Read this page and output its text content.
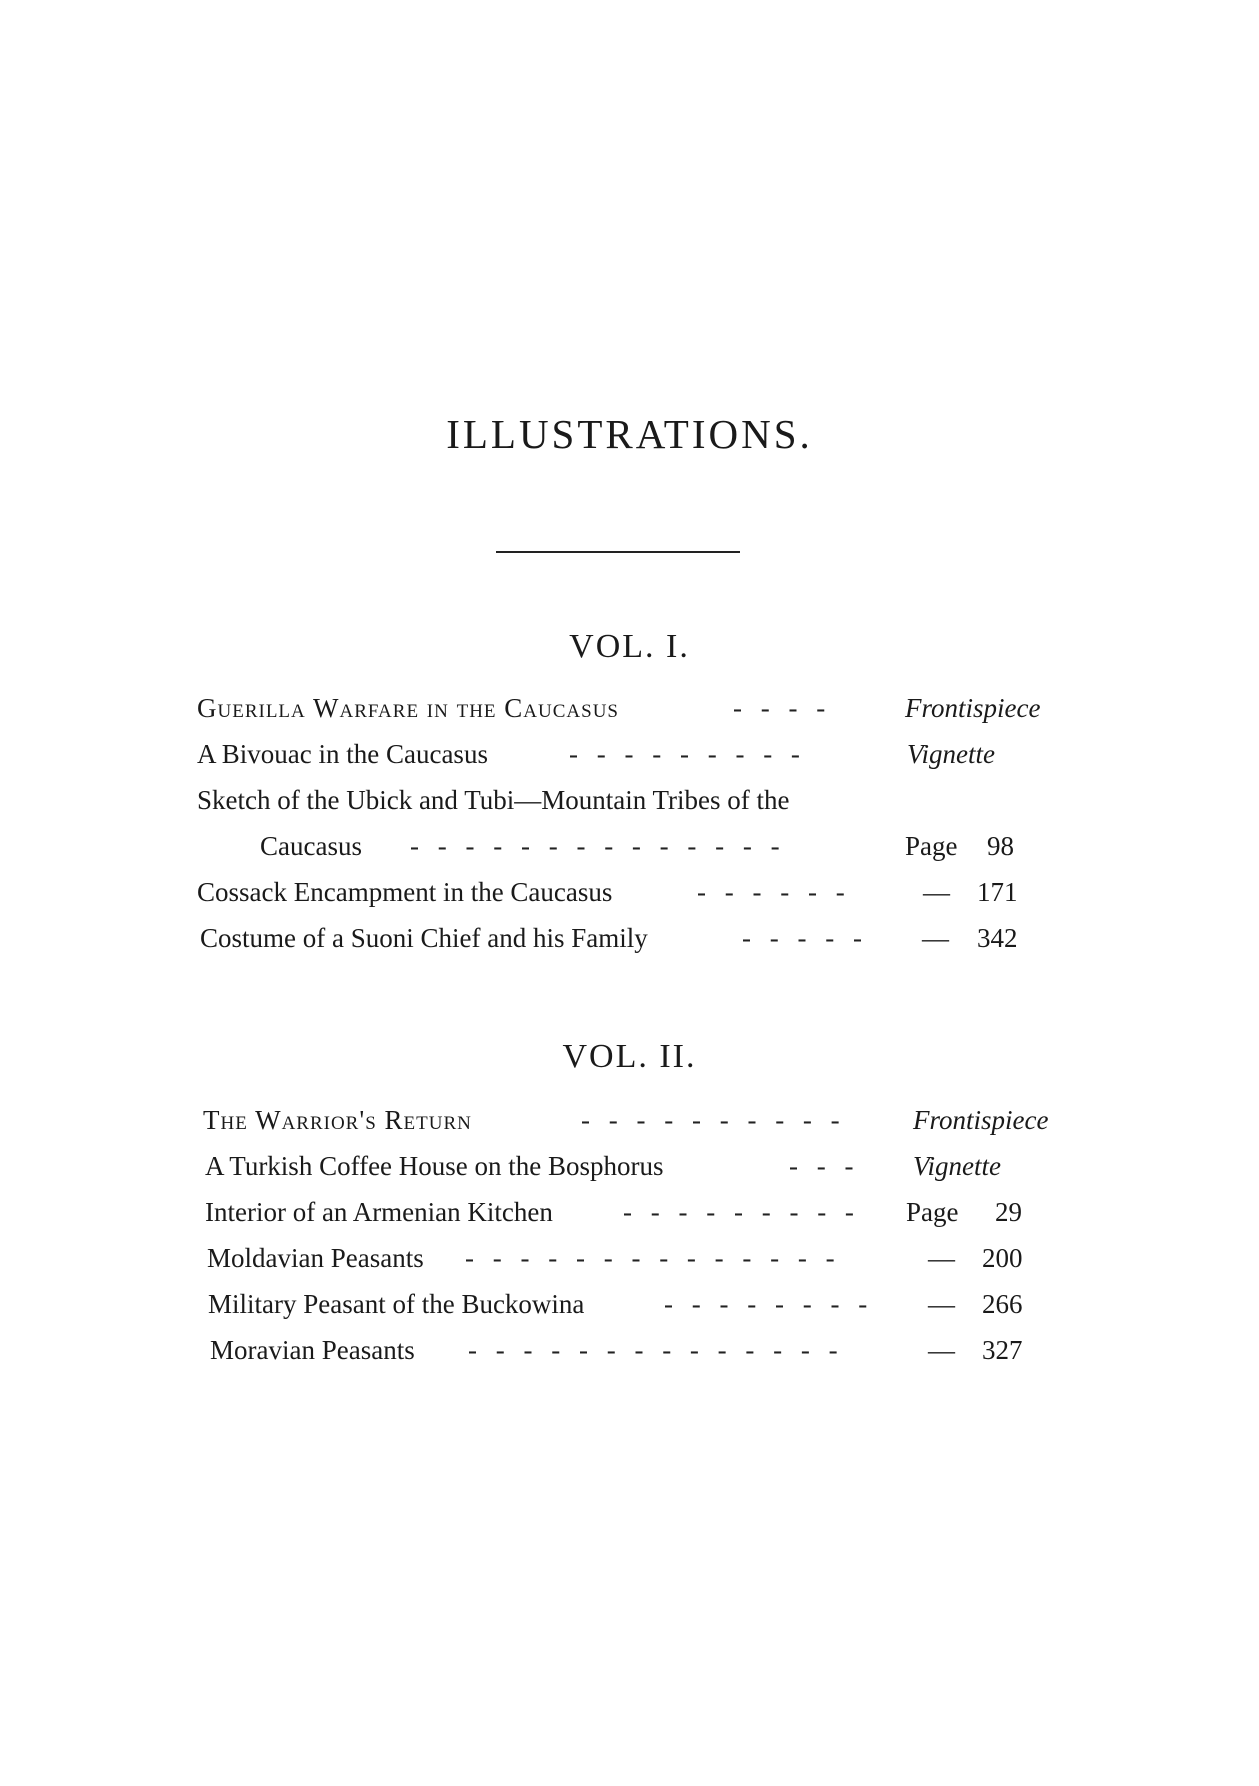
ILLUSTRATIONS.
VOL. I.
Guerilla Warfare in the Caucasus	- - - -	Frontispiece
A Bivouac in the Caucasus	- - - - - - - - -	Vignette
Sketch of the Ubick and Tubi—Mountain Tribes of the
Caucasus - - - - - - - - - - - - - -	Page 98
Cossack Encampment in the Caucasus	- - - - - -	— 171
Costume of a Suoni Chief and his Family	- - - - - — 342
VOL. II.
The Warrior's Return	- - - - - - - - - - Frontispiece
A Turkish Coffee House on the Bosphorus	- - - Vignette
Interior of an Armenian Kitchen	- - - - - - - - - Page 29
Moldavian Peasants - - - - - - - - - - - - - -	— 200
Military Peasant of the Buckowina	- - - - - - - - — 266
Moravian Peasants - - - - - - - - - - - - - -	— 327
